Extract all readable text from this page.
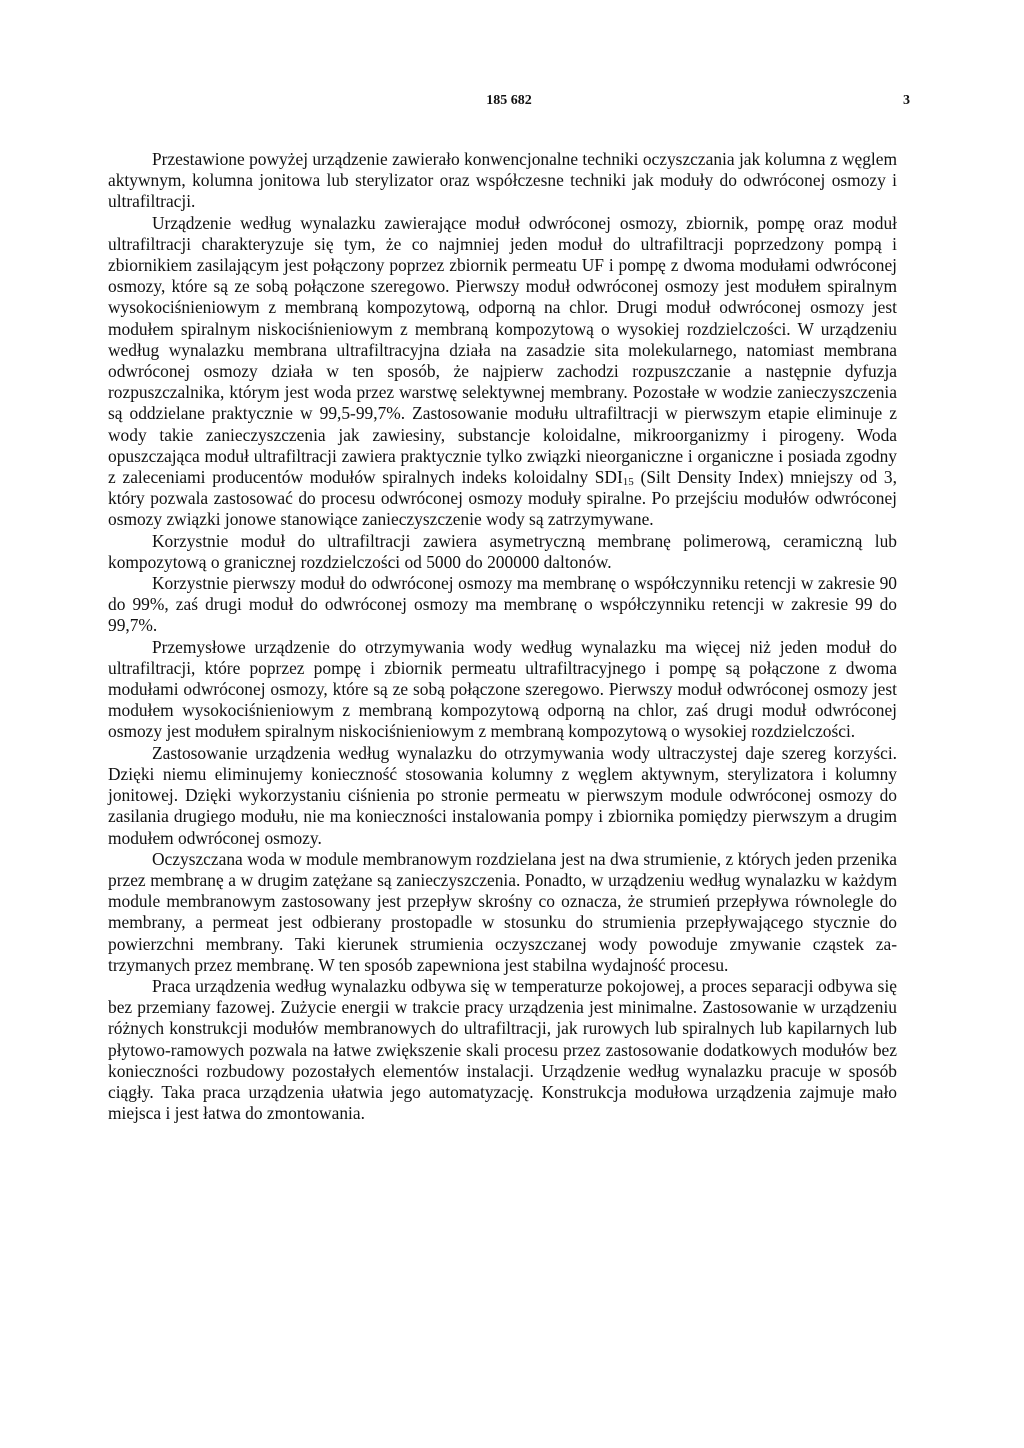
185 682	3

Przestawione powyżej urządzenie zawierało konwencjonalne techniki oczyszczania jak kolumna z węglem aktywnym, kolumna jonitowa lub sterylizator oraz współczesne techniki jak moduły do odwróconej osmozy i ultrafiltracji.

Urządzenie według wynalazku zawierające moduł odwróconej osmozy, zbiornik, pompę oraz moduł ultrafiltracji charakteryzuje się tym, że co najmniej jeden moduł do ultrafiltracji poprzedzony pompą i zbiornikiem zasilającym jest połączony poprzez zbiornik permeatu UF i pompę z dwoma modułami odwróconej osmozy, które są ze sobą połączone szeregowo. Pierwszy moduł odwróconej osmozy jest modułem spiralnym wysokociśnieniowym z membraną kompozytową, odporną na chlor. Drugi moduł odwróconej osmozy jest modułem spiralnym niskociśnieniowym z membraną kompozytową o wysokiej rozdzielczości. W urządzeniu według wynalazku membrana ultrafiltracyjna działa na zasadzie sita molekularnego, natomiast membrana odwróconej osmozy działa w ten sposób, że najpierw zachodzi rozpuszczanie a następnie dyfuzja rozpuszczalnika, którym jest woda przez warstwę selektywnej membrany. Pozostałe w wodzie zanieczyszczenia są oddzielane praktycznie w 99,5-99,7%. Zastosowanie modułu ultrafiltracji w pierwszym etapie eliminuje z wody takie zanieczyszczenia jak zawiesiny, substancje koloidalne, mikroorganizmy i pirogeny. Woda opuszczająca moduł ultrafiltracji zawiera praktycznie tylko związki nieorganiczne i organiczne i posiada zgodny z zaleceniami producentów modułów spiralnych indeks koloidalny $SDI_{15}$ (Silt Density Index) mniejszy od 3, który pozwala zastosować do procesu odwróconej osmozy moduły spiralne. Po przejściu modułów odwróconej osmozy związki jonowe stanowiące zanieczyszczenie wody są zatrzymywane.

Korzystnie moduł do ultrafiltracji zawiera asymetryczną membranę polimerową, ceramiczną lub kompozytową o granicznej rozdzielczości od 5000 do 200000 daltonów.

Korzystnie pierwszy moduł do odwróconej osmozy ma membranę o współczynniku retencji w zakresie 90 do 99%, zaś drugi moduł do odwróconej osmozy ma membranę o współczynniku retencji w zakresie 99 do 99,7%.

Przemysłowe urządzenie do otrzymywania wody według wynalazku ma więcej niż jeden moduł do ultrafiltracji, które poprzez pompę i zbiornik permeatu ultrafiltracyjnego i pompę są połączone z dwoma modułami odwróconej osmozy, które są ze sobą połączone szeregowo. Pierwszy moduł odwróconej osmozy jest modułem wysokociśnieniowym z membraną kompozytową odporną na chlor, zaś drugi moduł odwróconej osmozy jest modułem spiralnym niskociśnieniowym z membraną kompozytową o wysokiej rozdzielczości.

Zastosowanie urządzenia według wynalazku do otrzymywania wody ultraczystej daje szereg korzyści. Dzięki niemu eliminujemy konieczność stosowania kolumny z węglem aktywnym, sterylizatora i kolumny jonitowej. Dzięki wykorzystaniu ciśnienia po stronie permeatu w pierwszym module odwróconej osmozy do zasilania drugiego modułu, nie ma konieczności instalowania pompy i zbiornika pomiędzy pierwszym a drugim modułem odwróconej osmozy.

Oczyszczana woda w module membranowym rozdzielana jest na dwa strumienie, z których jeden przenika przez membranę a w drugim zatężane są zanieczyszczenia. Ponadto, w urządzeniu według wynalazku w każdym module membranowym zastosowany jest przepływ skrośny co oznacza, że strumień przepływa równolegle do membrany, a permeat jest odbierany prostopadle w stosunku do strumienia przepływającego stycznie do powierzchni membrany. Taki kierunek strumienia oczyszczanej wody powoduje zmywanie cząstek zatrzymanych przez membranę. W ten sposób zapewniona jest stabilna wydajność procesu.

Praca urządzenia według wynalazku odbywa się w temperaturze pokojowej, a proces separacji odbywa się bez przemiany fazowej. Zużycie energii w trakcie pracy urządzenia jest minimalne. Zastosowanie w urządzeniu różnych konstrukcji modułów membranowych do ultrafiltracji, jak rurowych lub spiralnych lub kapilarnych lub płytowo-ramowych pozwala na łatwe zwiększenie skali procesu przez zastosowanie dodatkowych modułów bez konieczności rozbudowy pozostałych elementów instalacji. Urządzenie według wynalazku pracuje w sposób ciągły. Taka praca urządzenia ułatwia jego automatyzację. Konstrukcja modułowa urządzenia zajmuje mało miejsca i jest łatwa do zmontowania.
